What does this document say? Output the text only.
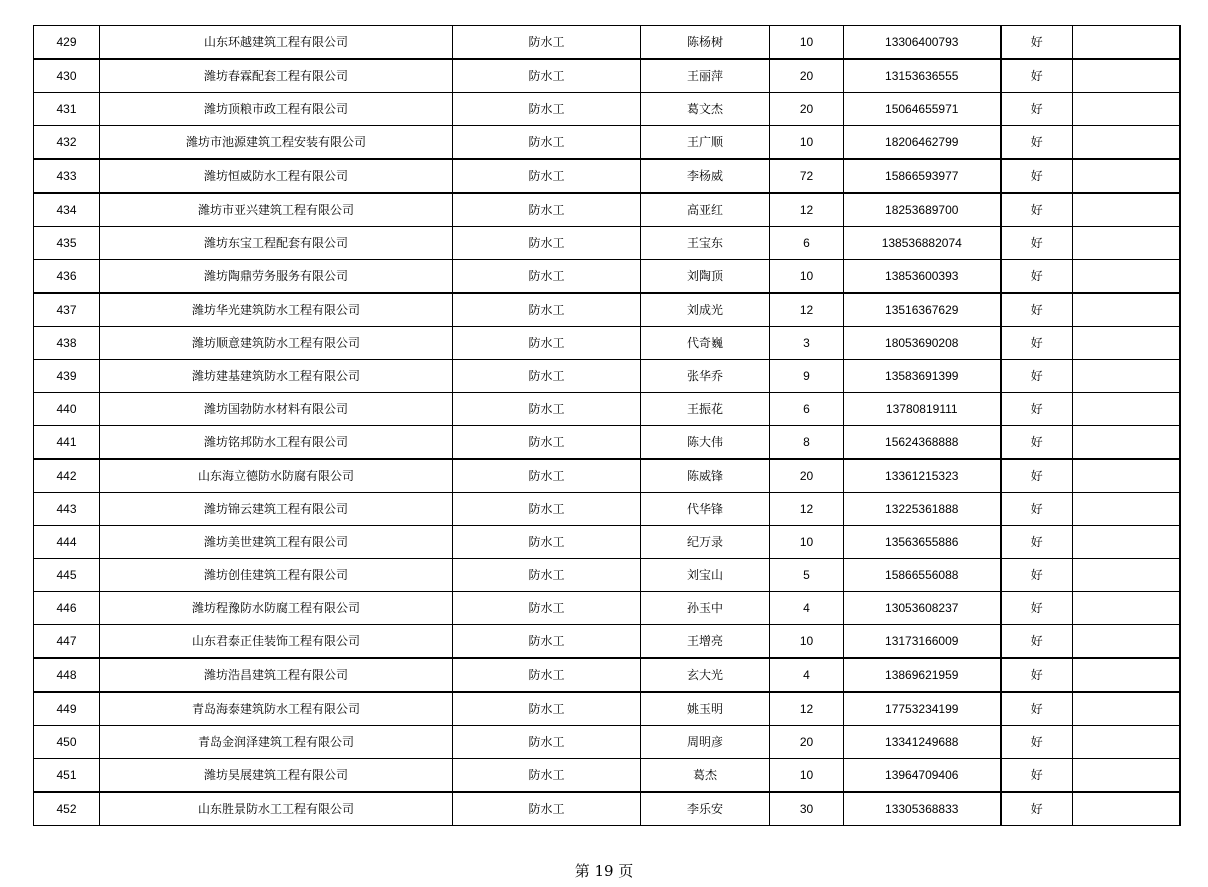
429	山东环越建筑工程有限公司	防水工	陈杨树	10	13306400793	好	
430	潍坊春霖配套工程有限公司	防水工	王丽萍	20	13153636555	好	
431	潍坊顶粮市政工程有限公司	防水工	葛文杰	20	15064655971	好	
432	潍坊市池源建筑工程安装有限公司	防水工	王广顺	10	18206462799	好	
433	潍坊恒威防水工程有限公司	防水工	李杨威	72	15866593977	好	
434	潍坊市亚兴建筑工程有限公司	防水工	高亚红	12	18253689700	好	
435	潍坊东宝工程配套有限公司	防水工	王宝东	6	138536882074	好	
436	潍坊陶鼎劳务服务有限公司	防水工	刘陶顶	10	13853600393	好	
437	潍坊华光建筑防水工程有限公司	防水工	刘成光	12	13516367629	好	
438	潍坊顺意建筑防水工程有限公司	防水工	代奇巍	3	18053690208	好	
439	潍坊建基建筑防水工程有限公司	防水工	张华乔	9	13583691399	好	
440	潍坊国勃防水材料有限公司	防水工	王振花	6	13780819111	好	
441	潍坊铭邦防水工程有限公司	防水工	陈大伟	8	15624368888	好	
442	山东海立德防水防腐有限公司	防水工	陈威锋	20	13361215323	好	
443	潍坊锦云建筑工程有限公司	防水工	代华锋	12	13225361888	好	
444	潍坊美世建筑工程有限公司	防水工	纪万录	10	13563655886	好	
445	潍坊创佳建筑工程有限公司	防水工	刘宝山	5	15866556088	好	
446	潍坊程豫防水防腐工程有限公司	防水工	孙玉中	4	13053608237	好	
447	山东君泰正佳装饰工程有限公司	防水工	王增亮	10	13173166009	好	
448	潍坊浩昌建筑工程有限公司	防水工	玄大光	4	13869621959	好	
449	青岛海泰建筑防水工程有限公司	防水工	姚玉明	12	17753234199	好	
450	青岛金润泽建筑工程有限公司	防水工	周明彦	20	13341249688	好	
451	潍坊昊展建筑工程有限公司	防水工	葛杰	10	13964709406	好	
452	山东胜景防水工工程有限公司	防水工	李乐安	30	13305368833	好	
第 19 页
